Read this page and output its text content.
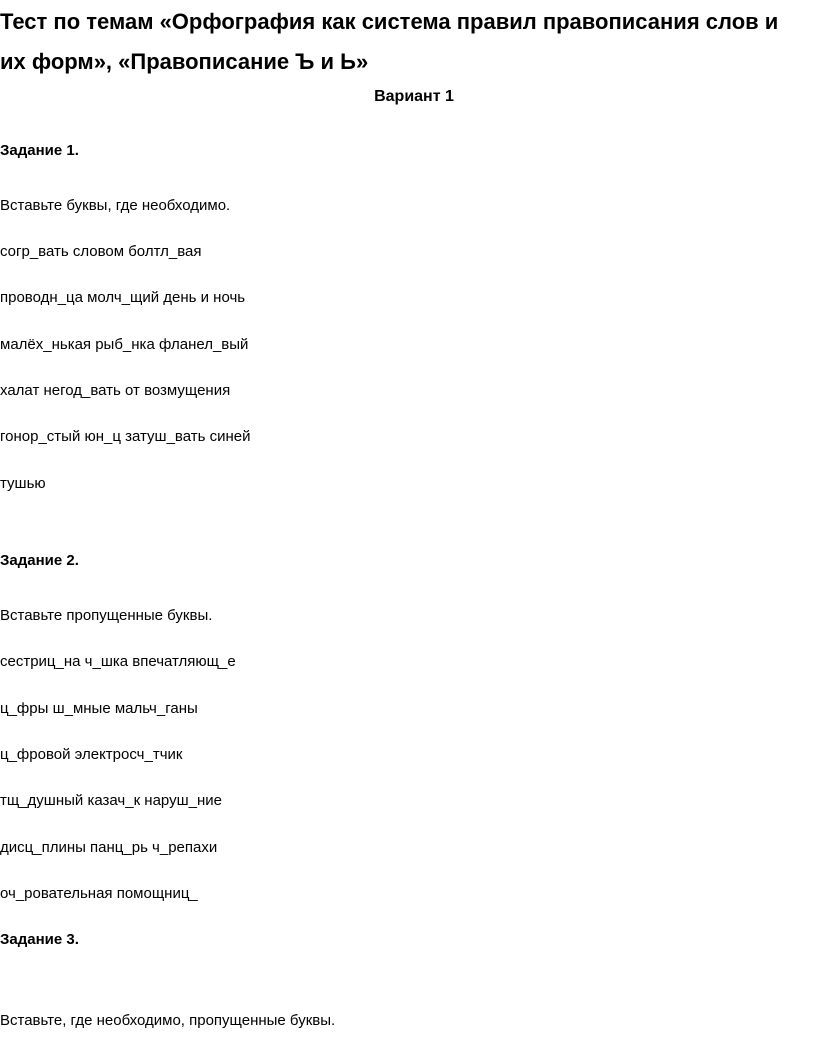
Тест по темам «Орфография как система правил правописания слов и
их форм», «Правописание Ъ и Ь»
Вариант 1
Задание 1.
Вставьте буквы, где необходимо.
согр_вать словом болтл_вая
проводн_ца молч_щий день и ночь
малёх_нькая рыб_нка фланел_вый
халат негод_вать от возмущения
гонор_стый юн_ц затуш_вать синей
тушью
Задание 2.
Вставьте пропущенные буквы.
сестриц_на ч_шка впечатляющ_е
ц_фры ш_мные мальч_ганы
ц_фровой электросч_тчик
тщ_душный казач_к наруш_ние
дисц_плины панц_рь ч_репахи
оч_ровательная помощниц_
Задание 3.
Вставьте, где необходимо, пропущенные буквы.
